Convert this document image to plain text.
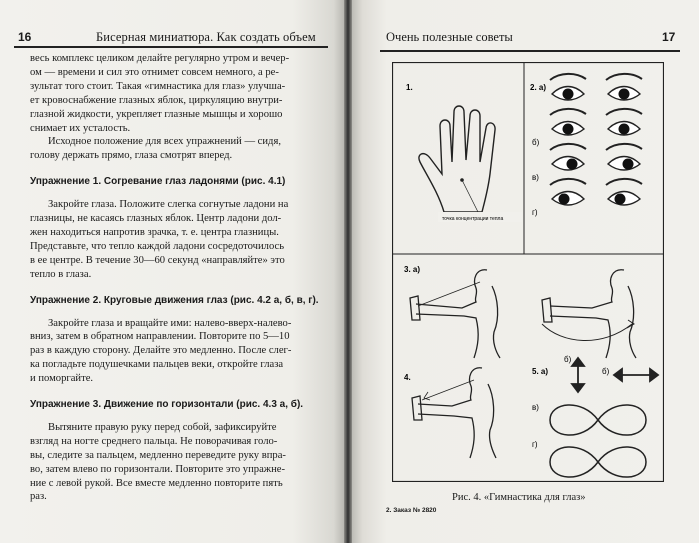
16	Бисерная миниатюра. Как создать объем

весь комплекс целиком делайте регулярно утром и вечер-

ом — времени и сил это отнимет совсем немного, а ре-

зультат того стоит. Такая «гимнастика для глаз» улучша-

ет кровоснабжение глазных яблок, циркуляцию внутри-

глазной жидкости, укрепляет глазные мышцы и хорошо

снимает их усталость.

Исходное положение для всех упражнений — сидя,

голову держать прямо, глаза смотрят вперед.

Упражнение 1. Согревание глаз ладонями (рис. 4.1)

Закройте глаза. Положите слегка согнутые ладони на

глазницы, не касаясь глазных яблок. Центр ладони дол-

жен находиться напротив зрачка, т. е. центра глазницы.

Представьте, что тепло каждой ладони сосредоточилось

в ее центре. В течение 30—60 секунд «направляйте» это

тепло в глаза.

Упражнение 2. Круговые движения глаз (рис. 4.2 а, б, в, г).

Закройте глаза и вращайте ими: налево-вверх-налево-

вниз, затем в обратном направлении. Повторите по 5—10

раз в каждую сторону. Делайте это медленно. После слег-

ка погладьте подушечками пальцев веки, откройте глаза

и поморгайте.

Упражнение 3. Движение по горизонтали (рис. 4.3 а, б).

Вытяните правую руку перед собой, зафиксируйте

взгляд на ногте среднего пальца. Не поворачивая голо-

вы, следите за пальцем, медленно переведите руку впра-

во, затем влево по горизонтали. Повторите это упражне-

ние с левой рукой. Все вместе медленно повторите пять

раз.

Очень полезные советы	17
1.
точка концентрации тепла
2. а)
б)
в)
г)
3. а)
б)
4.
5. а)	б)
в)
г)
Рис. 4. «Гимнастика для глаз»
2. Заказ № 2820
